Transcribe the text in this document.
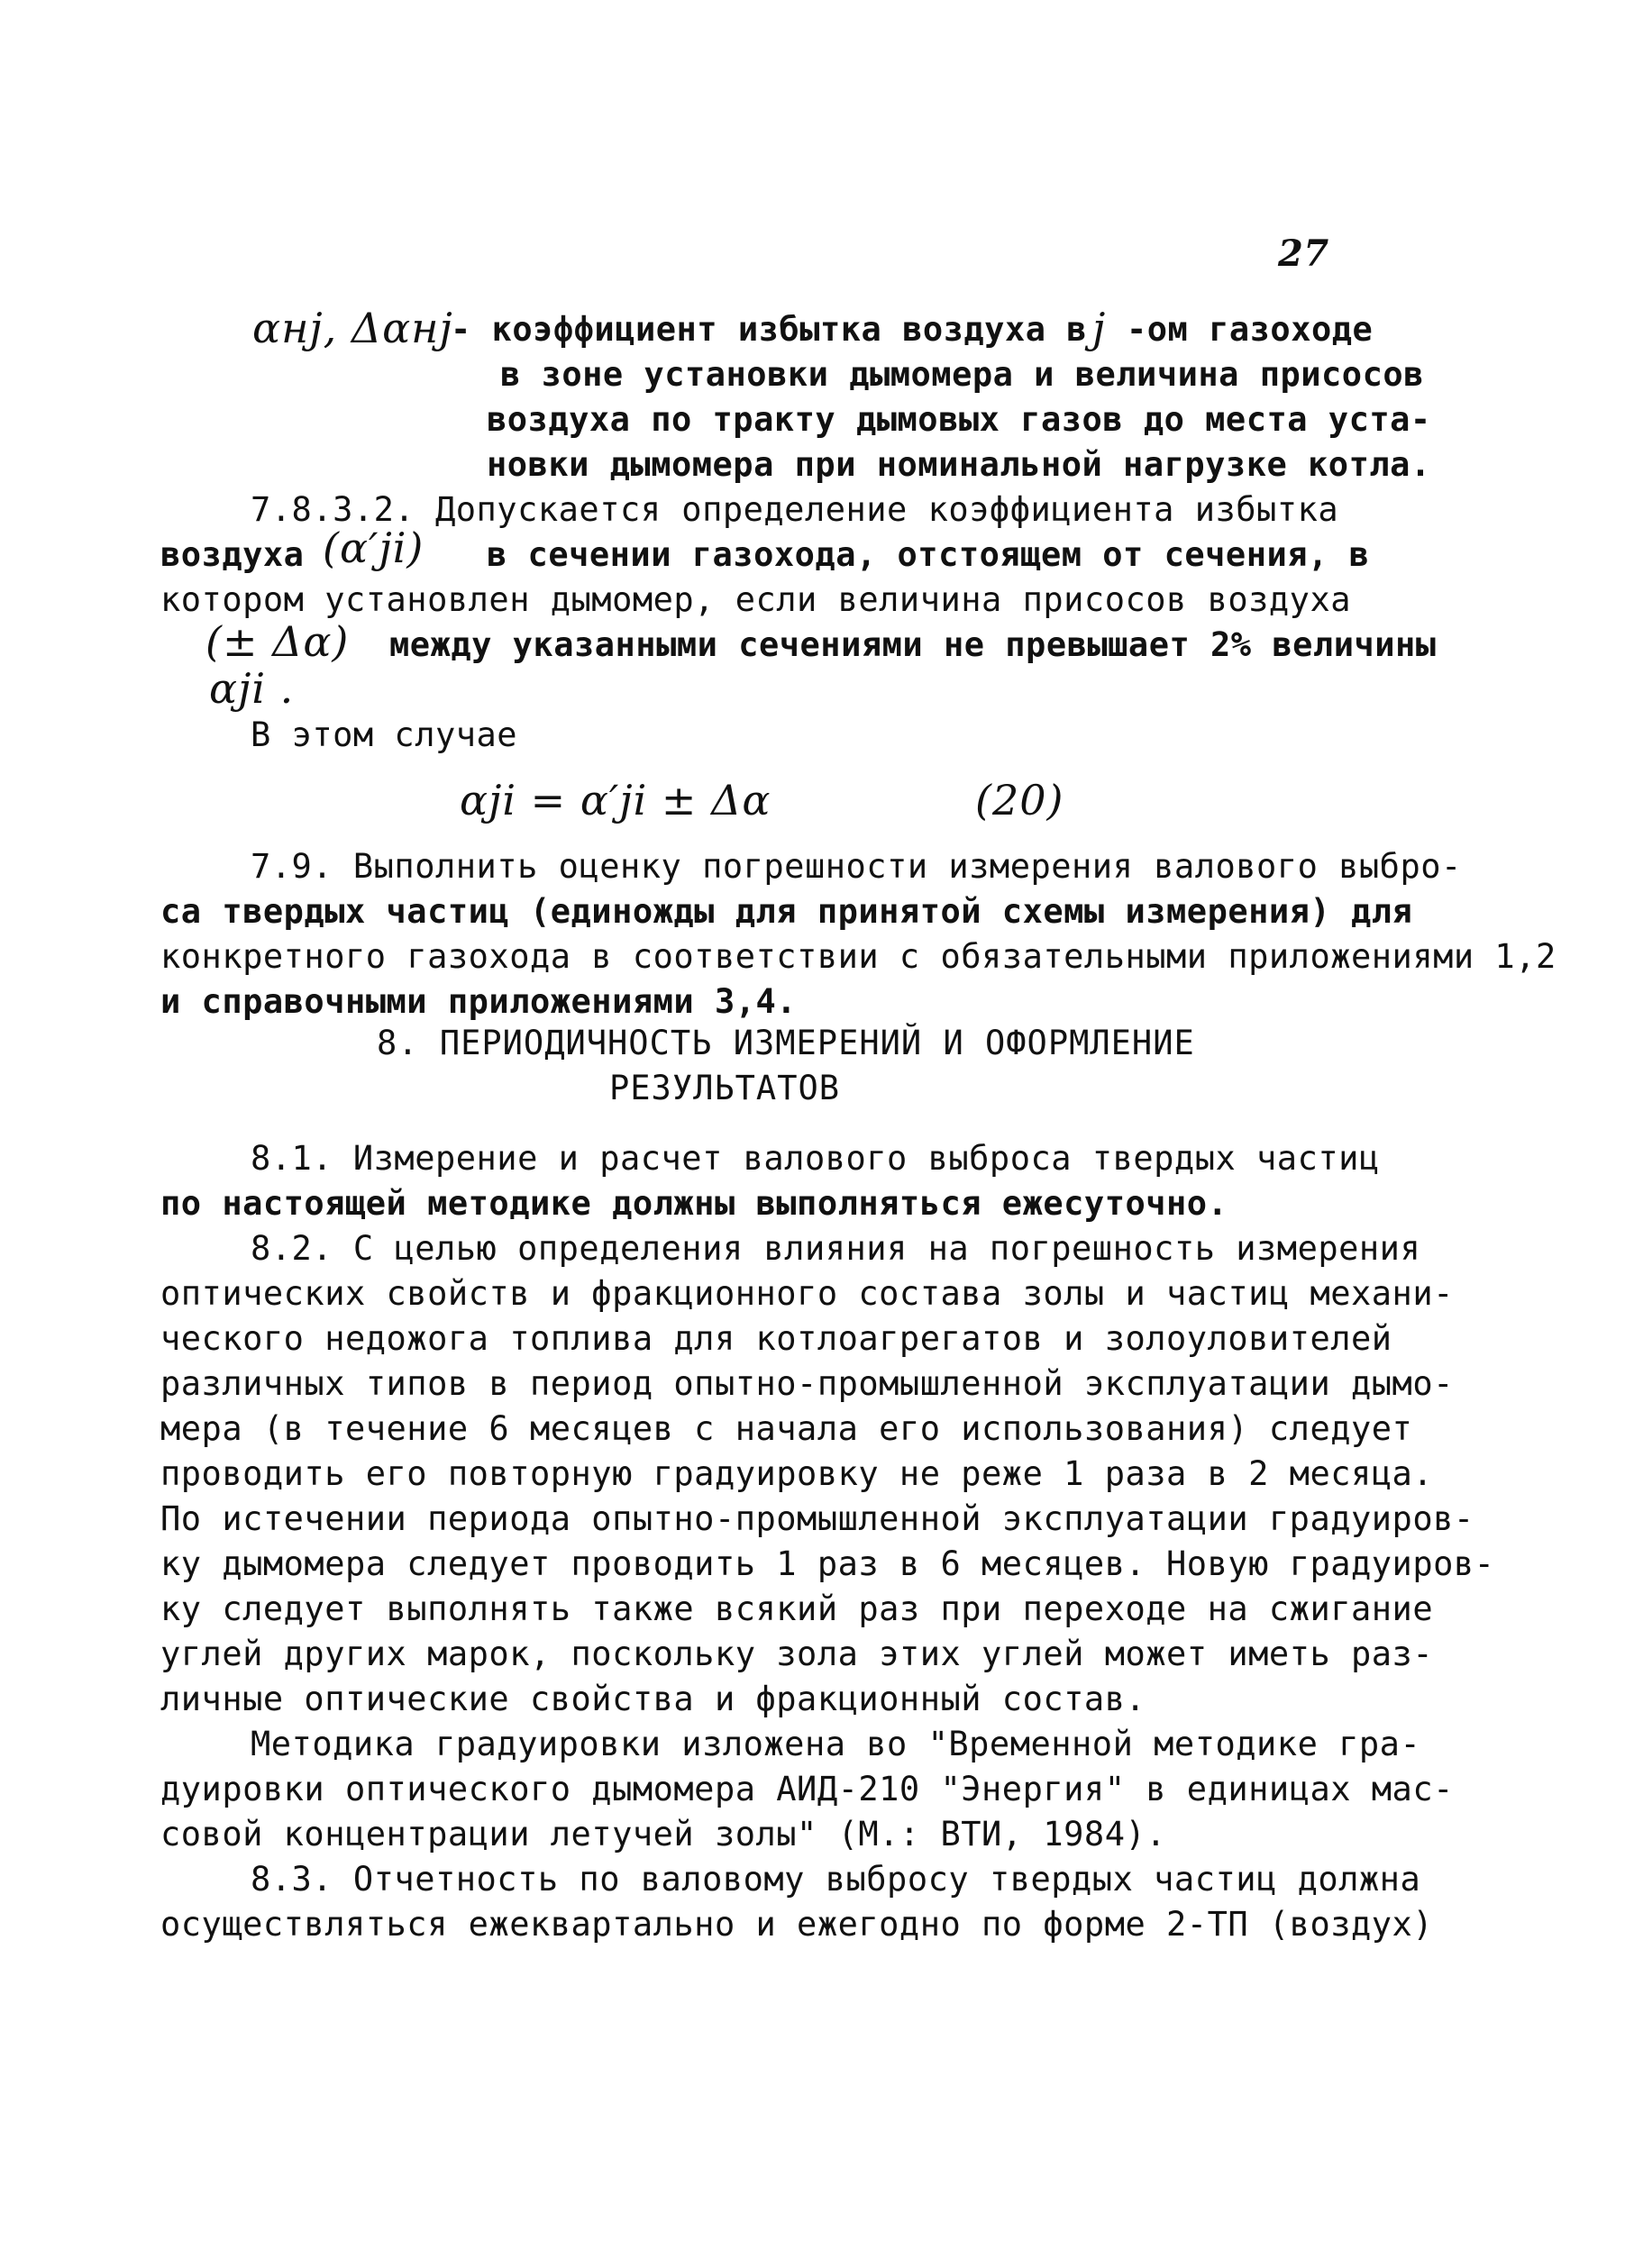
27
αнj, Δαнj
- коэффициент избытка воздуха в j -ом газоходе
в зоне установки дымомера и величина присосов
воздуха по тракту дымовых газов до места уста-
новки дымомера при номинальной нагрузке котла.
7.8.3.2. Допускается определение коэффициента избытка
воздуха (α′ji) в сечении газохода, отстоящем от сечения, в
котором установлен дымомер, если величина присосов воздуха
(± Δα) между указанными сечениями не превышает 2% величины
αji .
В этом случае
αji = α′ji ± Δα	(20)
7.9. Выполнить оценку погрешности измерения валового выбро-
са твердых частиц (единожды для принятой схемы измерения) для
конкретного газохода в соответствии с обязательными приложениями 1,2
и справочными приложениями 3,4.
8. ПЕРИОДИЧНОСТЬ ИЗМЕРЕНИЙ И ОФОРМЛЕНИЕ
РЕЗУЛЬТАТОВ
8.1. Измерение и расчет валового выброса твердых частиц
по настоящей методике должны выполняться ежесуточно.
8.2. С целью определения влияния на погрешность измерения
оптических свойств и фракционного состава золы и частиц механи-
ческого недожога топлива для котлоагрегатов и золоуловителей
различных типов в период опытно-промышленной эксплуатации дымо-
мера (в течение 6 месяцев с начала его использования) следует
проводить его повторную градуировку не реже 1 раза в 2 месяца.
По истечении периода опытно-промышленной эксплуатации градуиров-
ку дымомера следует проводить 1 раз в 6 месяцев. Новую градуиров-
ку следует выполнять также всякий раз при переходе на сжигание
углей других марок, поскольку зола этих углей может иметь раз-
личные оптические свойства и фракционный состав.
Методика градуировки изложена во "Временной методике гра-
дуировки оптического дымомера АИД-210 "Энергия" в единицах мас-
совой концентрации летучей золы" (М.: ВТИ, 1984).
8.3. Отчетность по валовому выбросу твердых частиц должна
осуществляться ежеквартально и ежегодно по форме 2-ТП (воздух)
